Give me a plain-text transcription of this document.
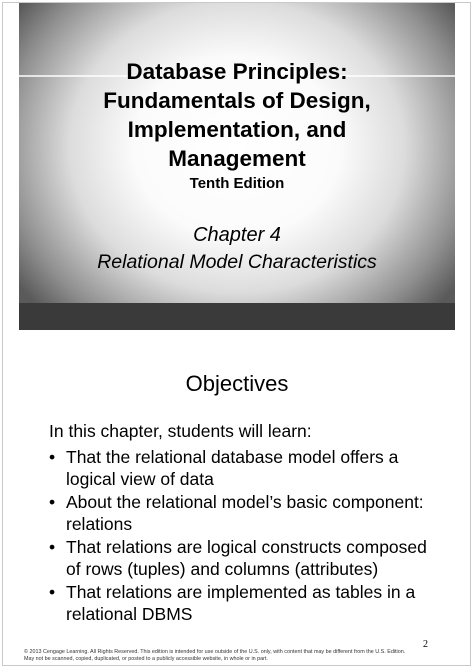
Database Principles:
Fundamentals of Design,
Implementation, and
Management
Tenth Edition
Chapter 4
Relational Model Characteristics
Objectives
In this chapter, students will learn:
• That the relational database model offers a
logical view of data
• About the relational model’s basic component:
relations
• That relations are logical constructs composed
of rows (tuples) and columns (attributes)
• That relations are implemented as tables in a
relational DBMS
2
© 2013 Cengage Learning. All Rights Reserved. This edition is intended for use outside of the U.S. only, with content that may be different from the U.S. Edition.
May not be scanned, copied, duplicated, or posted to a publicly accessible website, in whole or in part.
